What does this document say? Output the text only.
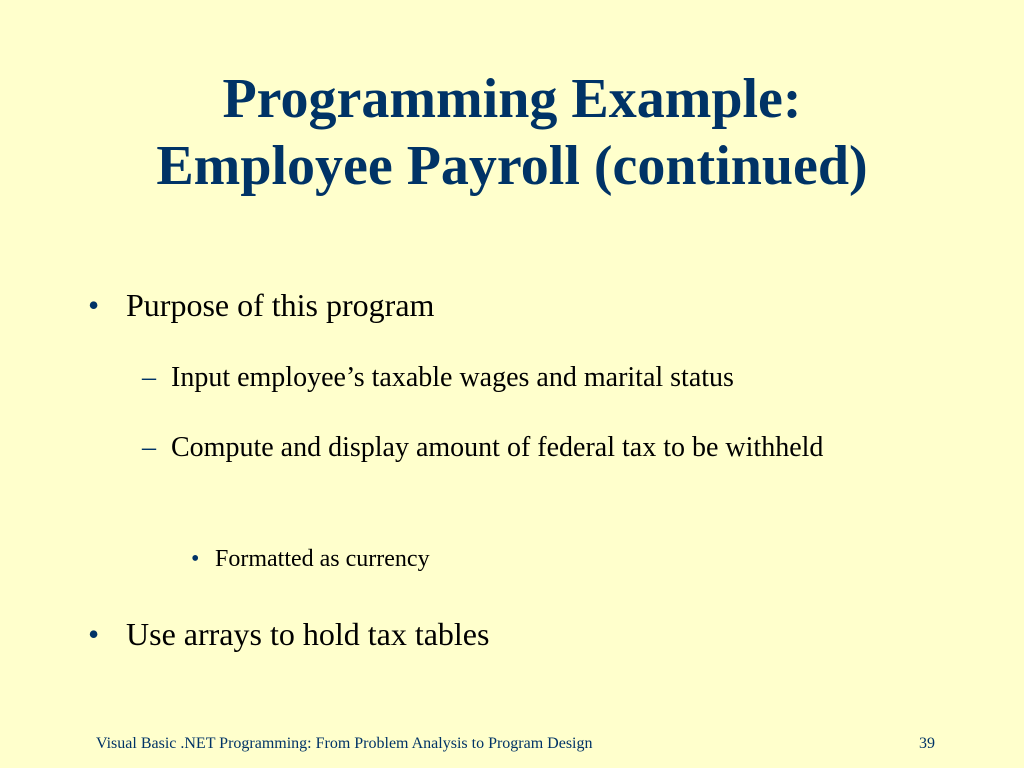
Programming Example:
Employee Payroll (continued)
• Purpose of this program
– Input employee’s taxable wages and marital status
– Compute and display amount of federal tax to be withheld
• Formatted as currency
• Use arrays to hold tax tables
Visual Basic .NET Programming: From Problem Analysis to Program Design	39
